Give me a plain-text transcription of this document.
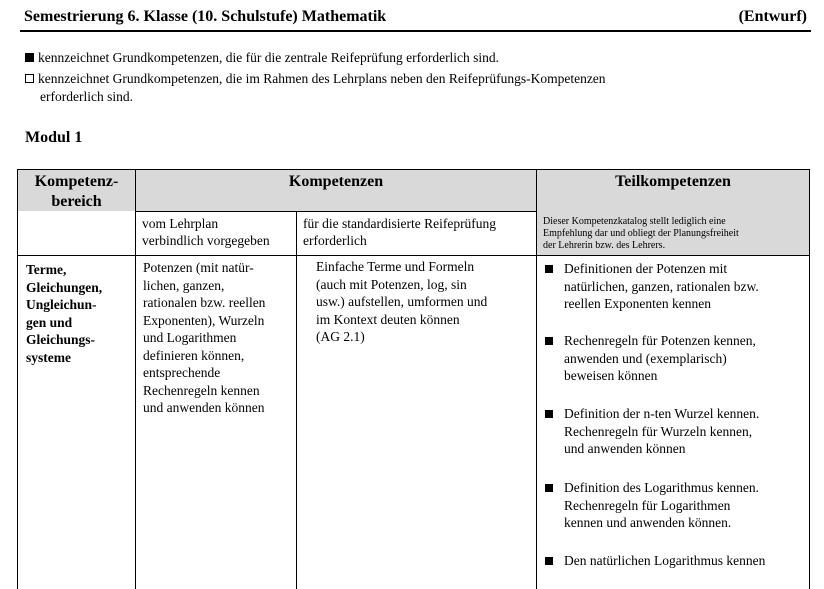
Semestrierung 6. Klasse (10. Schulstufe) Mathematik	(Entwurf)
kennzeichnet Grundkompetenzen, die für die zentrale Reifeprüfung erforderlich sind.
kennzeichnet Grundkompetenzen, die im Rahmen des Lehrplans neben den Reifeprüfungs-Kompetenzen
erforderlich sind.
Modul 1
Kompetenz-
bereich
Kompetenzen	Teilkompetenzen
vom Lehrplan
verbindlich vorgegeben
für die standardisierte Reifeprüfung
erforderlich
Dieser Kompetenzkatalog stellt lediglich eine
Empfehlung dar und obliegt der Planungsfreiheit
der Lehrerin bzw. des Lehrers.
Terme,
Gleichungen,
Ungleichun-
gen und
Gleichungs-
systeme
Potenzen (mit natür-
lichen, ganzen,
rationalen bzw. reellen
Exponenten), Wurzeln
und Logarithmen
definieren können,
entsprechende
Rechenregeln kennen
und anwenden können
Einfache Terme und Formeln
(auch mit Potenzen, log, sin
usw.) aufstellen, umformen und
im Kontext deuten können
(AG 2.1)
Definitionen der Potenzen mit
natürlichen, ganzen, rationalen bzw.
reellen Exponenten kennen
Rechenregeln für Potenzen kennen,
anwenden und (exemplarisch)
beweisen können
Definition der n-ten Wurzel kennen.
Rechenregeln für Wurzeln kennen,
und anwenden können
Definition des Logarithmus kennen.
Rechenregeln für Logarithmen
kennen und anwenden können.
Den natürlichen Logarithmus kennen
